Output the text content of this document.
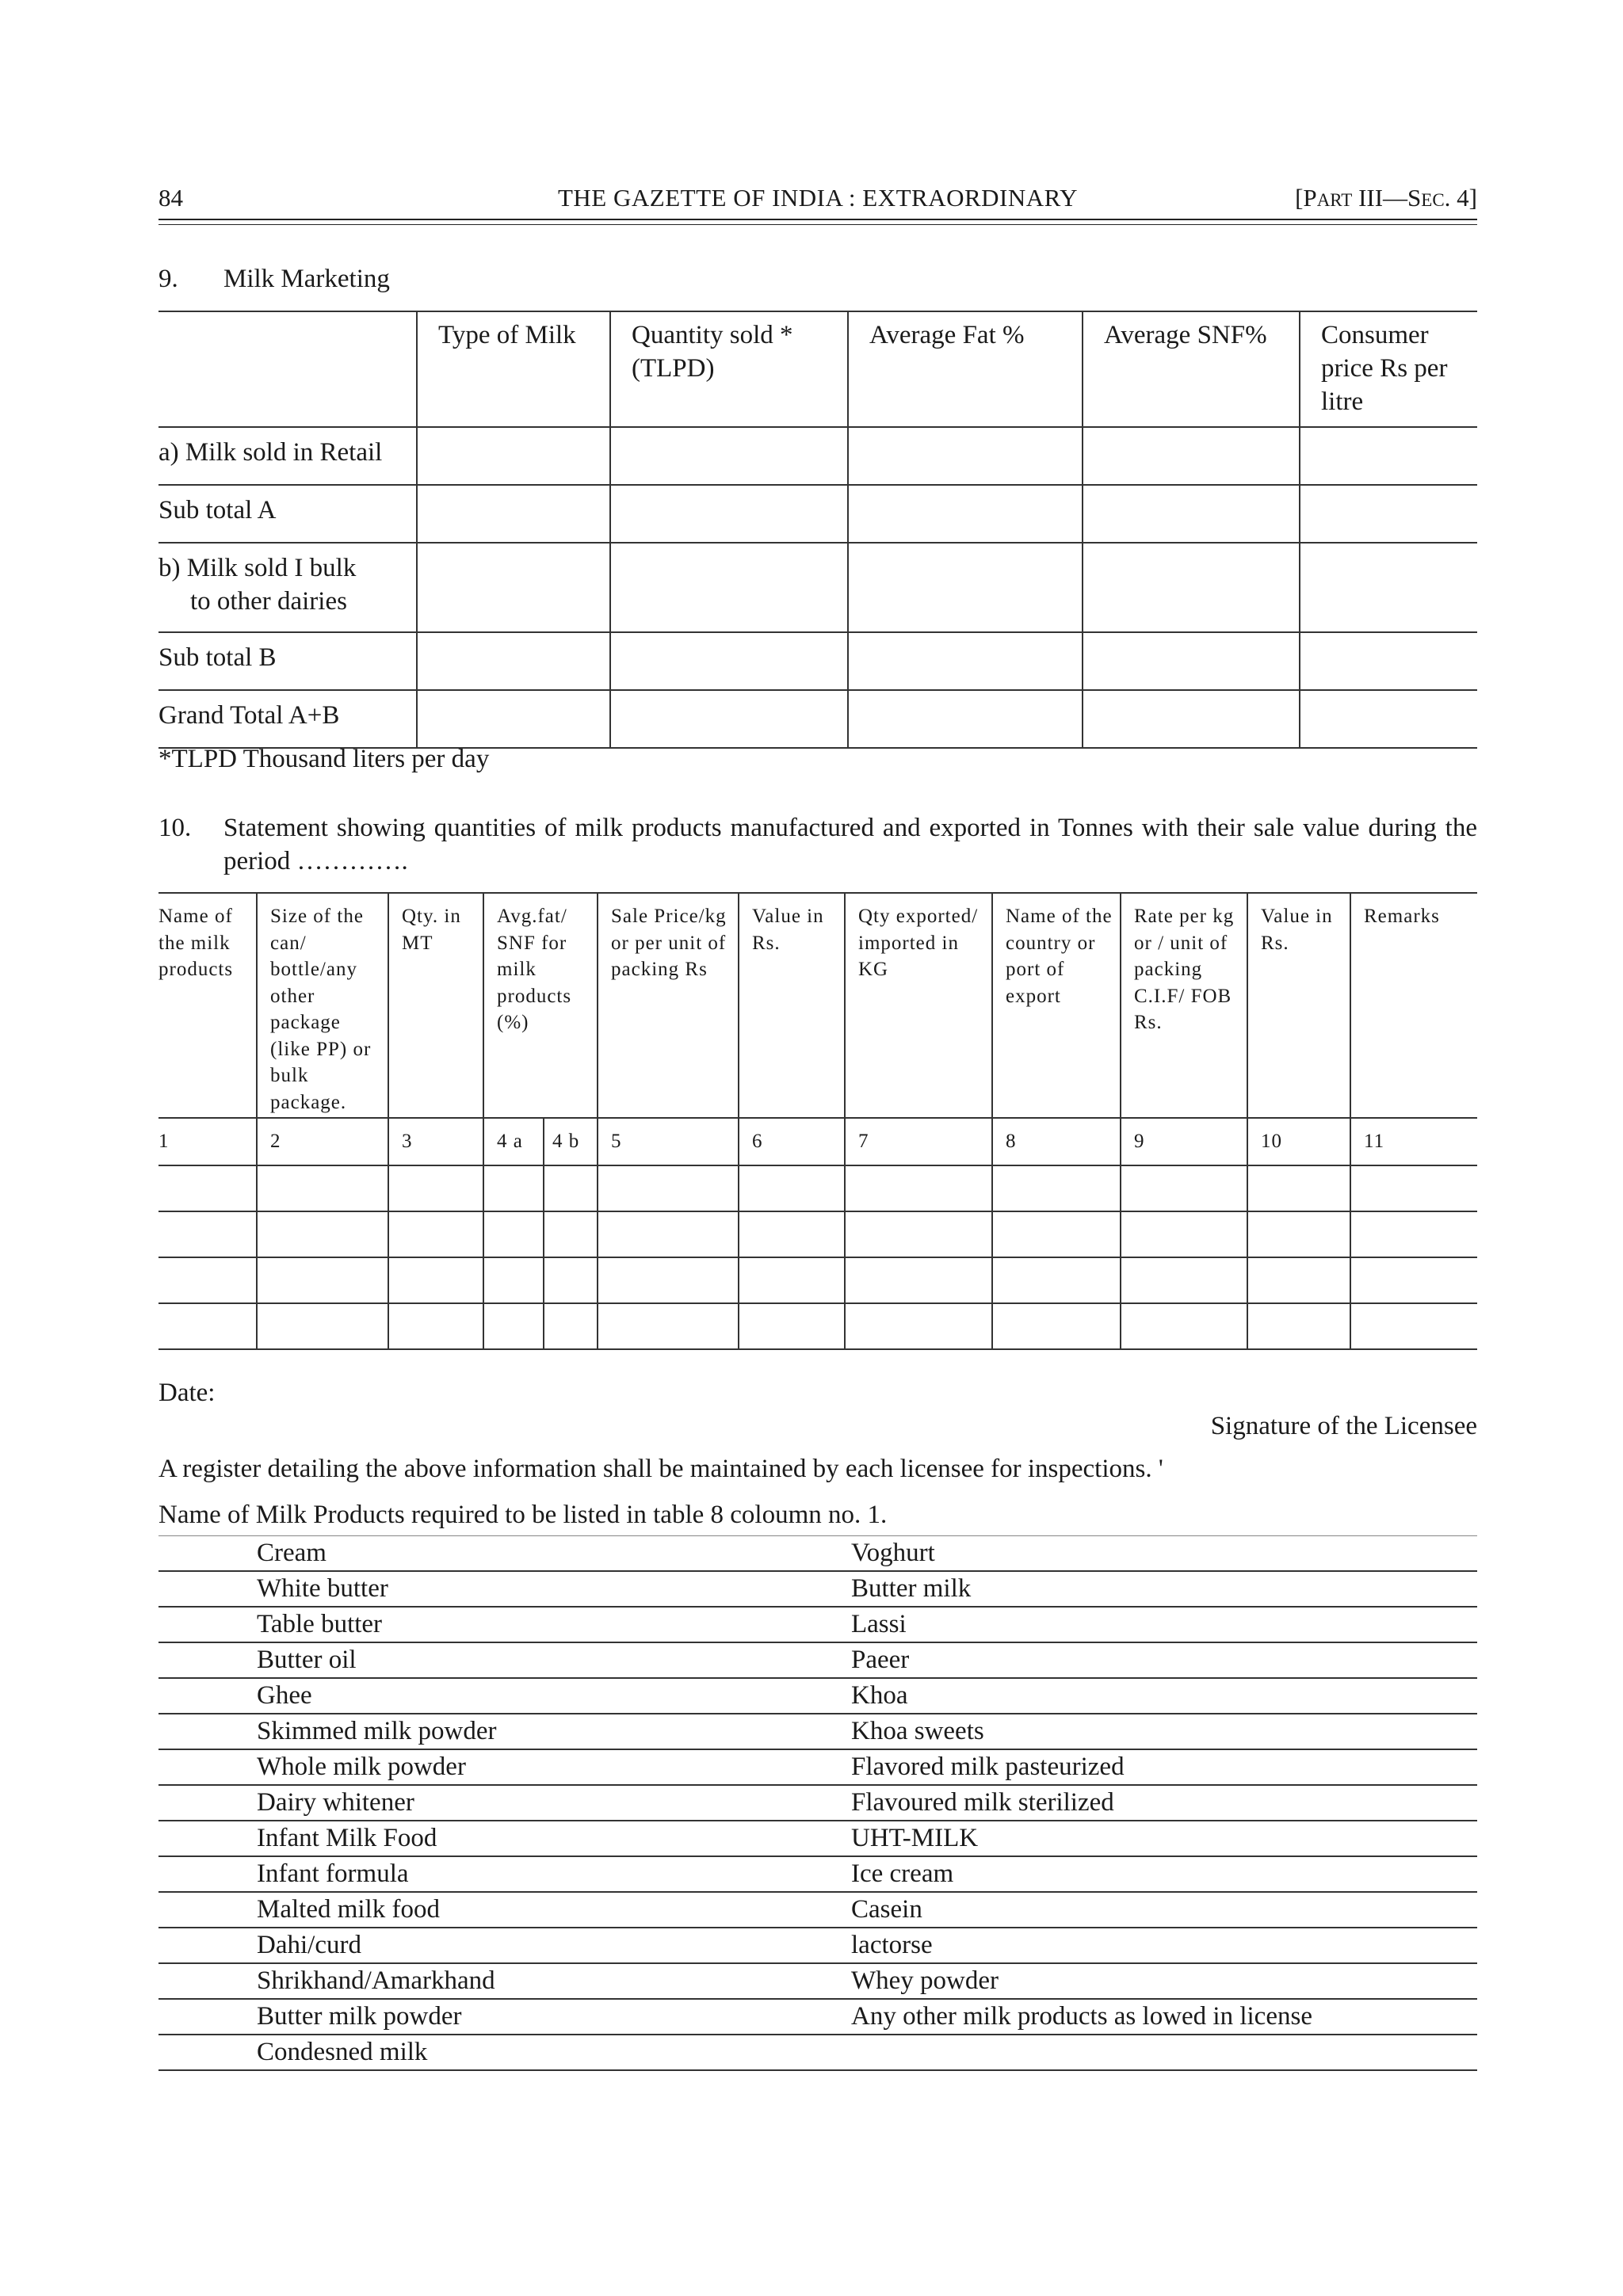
84	THE GAZETTE OF INDIA : EXTRAORDINARY	[PART III—SEC. 4]
9. Milk Marketing
	Type of Milk	Quantity sold *(TLPD)	Average Fat %	Average SNF%	Consumer price Rs per litre
a) Milk sold in Retail					
Sub total A					

b) Milk sold I bulk
to other dairies					

Sub total B					
Grand Total A+B					
*TLPD Thousand liters per day
10. Statement showing quantities of milk products manufactured and exported in Tonnes with their sale value during the period ………….
Name of the milk products	Size of the can/ bottle/any other package (like PP) or bulk package.	Qty. in MT	Avg.fat/ SNF for milk products (%)		Sale Price/kg or per unit of packing Rs	Value in Rs.	Qty exported/ imported in KG	Name of the country or port of export	Rate per kg or / unit of packing C.I.F/ FOB Rs.	Value in Rs.	Remarks
1	2	3	4 a	4 b	5	6	7	8	9	10	11

Date:
Signature of the Licensee
A register detailing the above information shall be maintained by each licensee for inspections. '
Name of Milk Products required to be listed in table 8 coloumn no. 1.
Cream	Voghurt
White butter	Butter milk
Table butter	Lassi
Butter oil	Paeer
Ghee	Khoa
Skimmed milk powder	Khoa sweets
Whole milk powder	Flavored milk pasteurized
Dairy whitener	Flavoured milk sterilized
Infant Milk Food	UHT-MILK
Infant formula	Ice cream
Malted milk food	Casein
Dahi/curd	lactorse
Shrikhand/Amarkhand	Whey powder
Butter milk powder	Any other milk products as lowed in license
Condesned milk	
